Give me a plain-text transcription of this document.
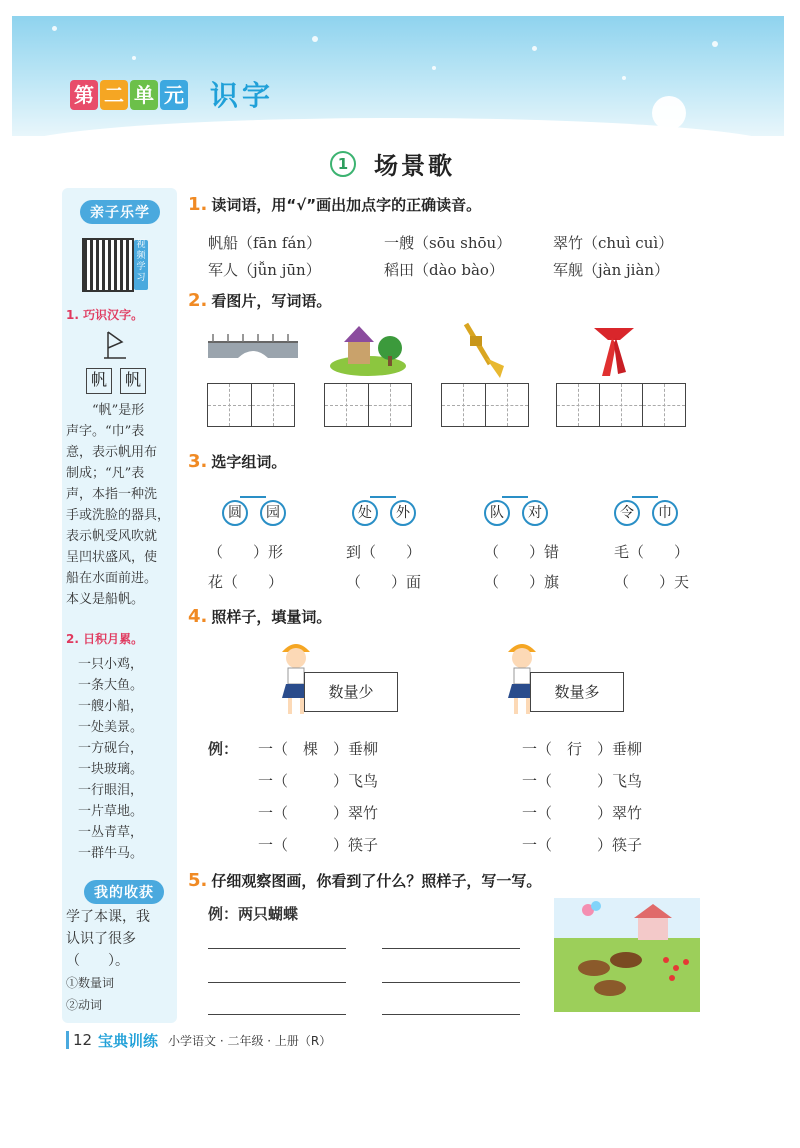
第 二 单 元 识字
1	场景歌
亲子乐学
视频学习
1. 巧识汉字。
帆	帆
“帆”是形
声字。“巾”表
意，表示帆用布
制成；“凡”表
声，本指一种洗
手或洗脸的器具，
表示帆受风吹就
呈凹状盛风，使
船在水面前进。
本义是船帆。
2. 日积月累。
一只小鸡，
一条大鱼。
一艘小船，
一处美景。
一方砚台，
一块玻璃。
一行眼泪，
一片草地。
一丛青草，
一群牛马。
我的收获
学了本课，我
认识了很多
（　　）。
①数量词
②动词
1. 读词语，用“√”画出加点字的正确读音。
帆船（fān fán）	一艘（sōu shōu）	翠竹（chuì cuì）
军人（jǚn jūn）	稻田（dào bào）	军舰（jàn jiàn）
2. 看图片，写词语。
3. 选字组词。
圆	园	处	外	队	对	令	巾
（　　）形	到（　　）	（　　）错	毛（　　）
花（　　）	（　　）面	（　　）旗	（　　）天
4. 照样子，填量词。
数量少	数量多
例： 一（　棵　）垂柳
一（　　　）飞鸟
一（　　　）翠竹
一（　　　）筷子
一（　行　）垂柳
一（　　　）飞鸟
一（　　　）翠竹
一（　　　）筷子
5. 仔细观察图画，你看到了什么？照样子，写一写。
例：两只蝴蝶
12 宝典训练 小学语文 · 二年级 · 上册（R）
